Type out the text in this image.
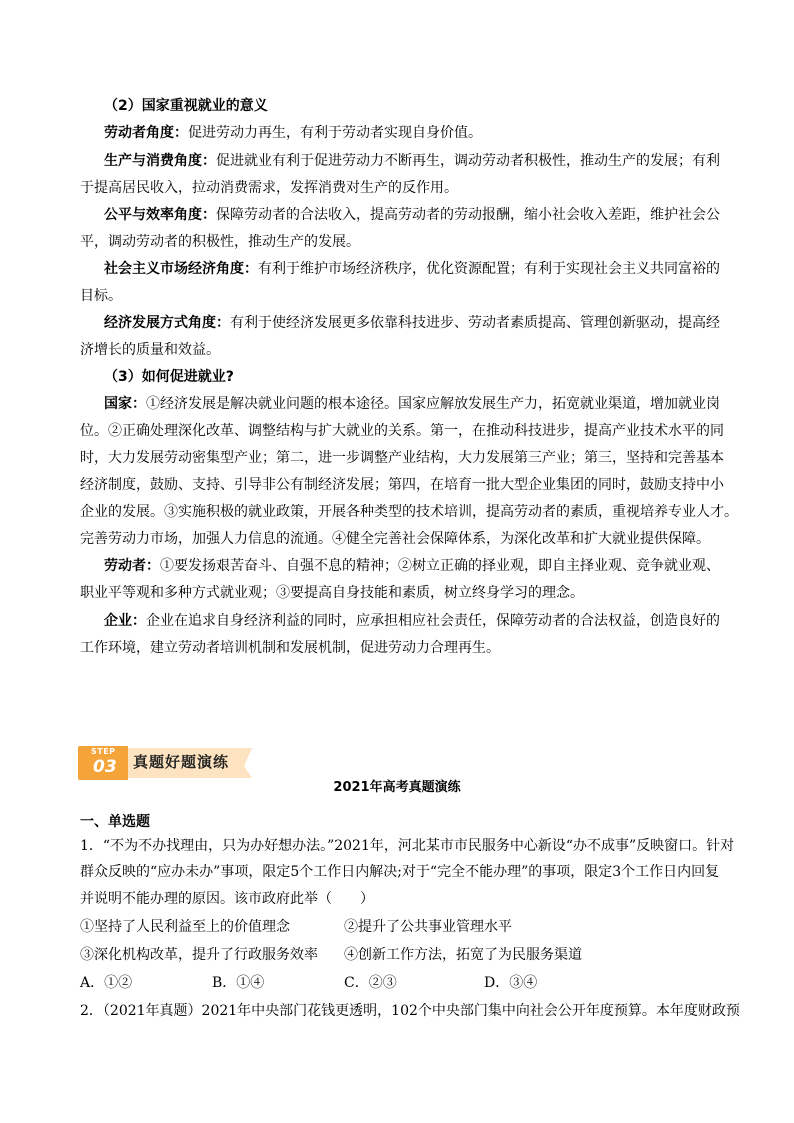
（2）国家重视就业的意义
劳动者角度：促进劳动力再生，有利于劳动者实现自身价值。
生产与消费角度：促进就业有利于促进劳动力不断再生，调动劳动者积极性，推动生产的发展；有利
于提高居民收入，拉动消费需求，发挥消费对生产的反作用。
公平与效率角度：保障劳动者的合法收入，提高劳动者的劳动报酬，缩小社会收入差距，维护社会公
平，调动劳动者的积极性，推动生产的发展。
社会主义市场经济角度：有利于维护市场经济秩序，优化资源配置；有利于实现社会主义共同富裕的
目标。
经济发展方式角度：有利于使经济发展更多依靠科技进步、劳动者素质提高、管理创新驱动，提高经
济增长的质量和效益。
（3）如何促进就业?
国家：①经济发展是解决就业问题的根本途径。国家应解放发展生产力，拓宽就业渠道，增加就业岗
位。②正确处理深化改革、调整结构与扩大就业的关系。第一，在推动科技进步，提高产业技术水平的同
时，大力发展劳动密集型产业；第二，进一步调整产业结构，大力发展第三产业；第三，坚持和完善基本
经济制度，鼓励、支持、引导非公有制经济发展；第四，在培育一批大型企业集团的同时，鼓励支持中小
企业的发展。③实施积极的就业政策，开展各种类型的技术培训，提高劳动者的素质，重视培养专业人才。
完善劳动力市场，加强人力信息的流通。④健全完善社会保障体系，为深化改革和扩大就业提供保障。
劳动者：①要发扬艰苦奋斗、自强不息的精神；②树立正确的择业观，即自主择业观、竞争就业观、
职业平等观和多种方式就业观；③要提高自身技能和素质，树立终身学习的理念。
企业：企业在追求自身经济利益的同时，应承担相应社会责任，保障劳动者的合法权益，创造良好的
工作环境，建立劳动者培训机制和发展机制，促进劳动力合理再生。
STEP
03 真题好题演练
2021年高考真题演练
一、单选题
1．“不为不办找理由，只为办好想办法。”2021年，河北某市市民服务中心新设“办不成事”反映窗口。针对
群众反映的“应办未办”事项，限定5个工作日内解决;对于“完全不能办理”的事项，限定3个工作日内回复
并说明不能办理的原因。该市政府此举（　　）
①坚持了人民利益至上的价值理念	②提升了公共事业管理水平
③深化机构改革，提升了行政服务效率 ④创新工作方法，拓宽了为民服务渠道
A．①②	B．①④	C．②③	D．③④
2．（2021年真题）2021年中央部门花钱更透明，102个中央部门集中向社会公开年度预算。本年度财政预
